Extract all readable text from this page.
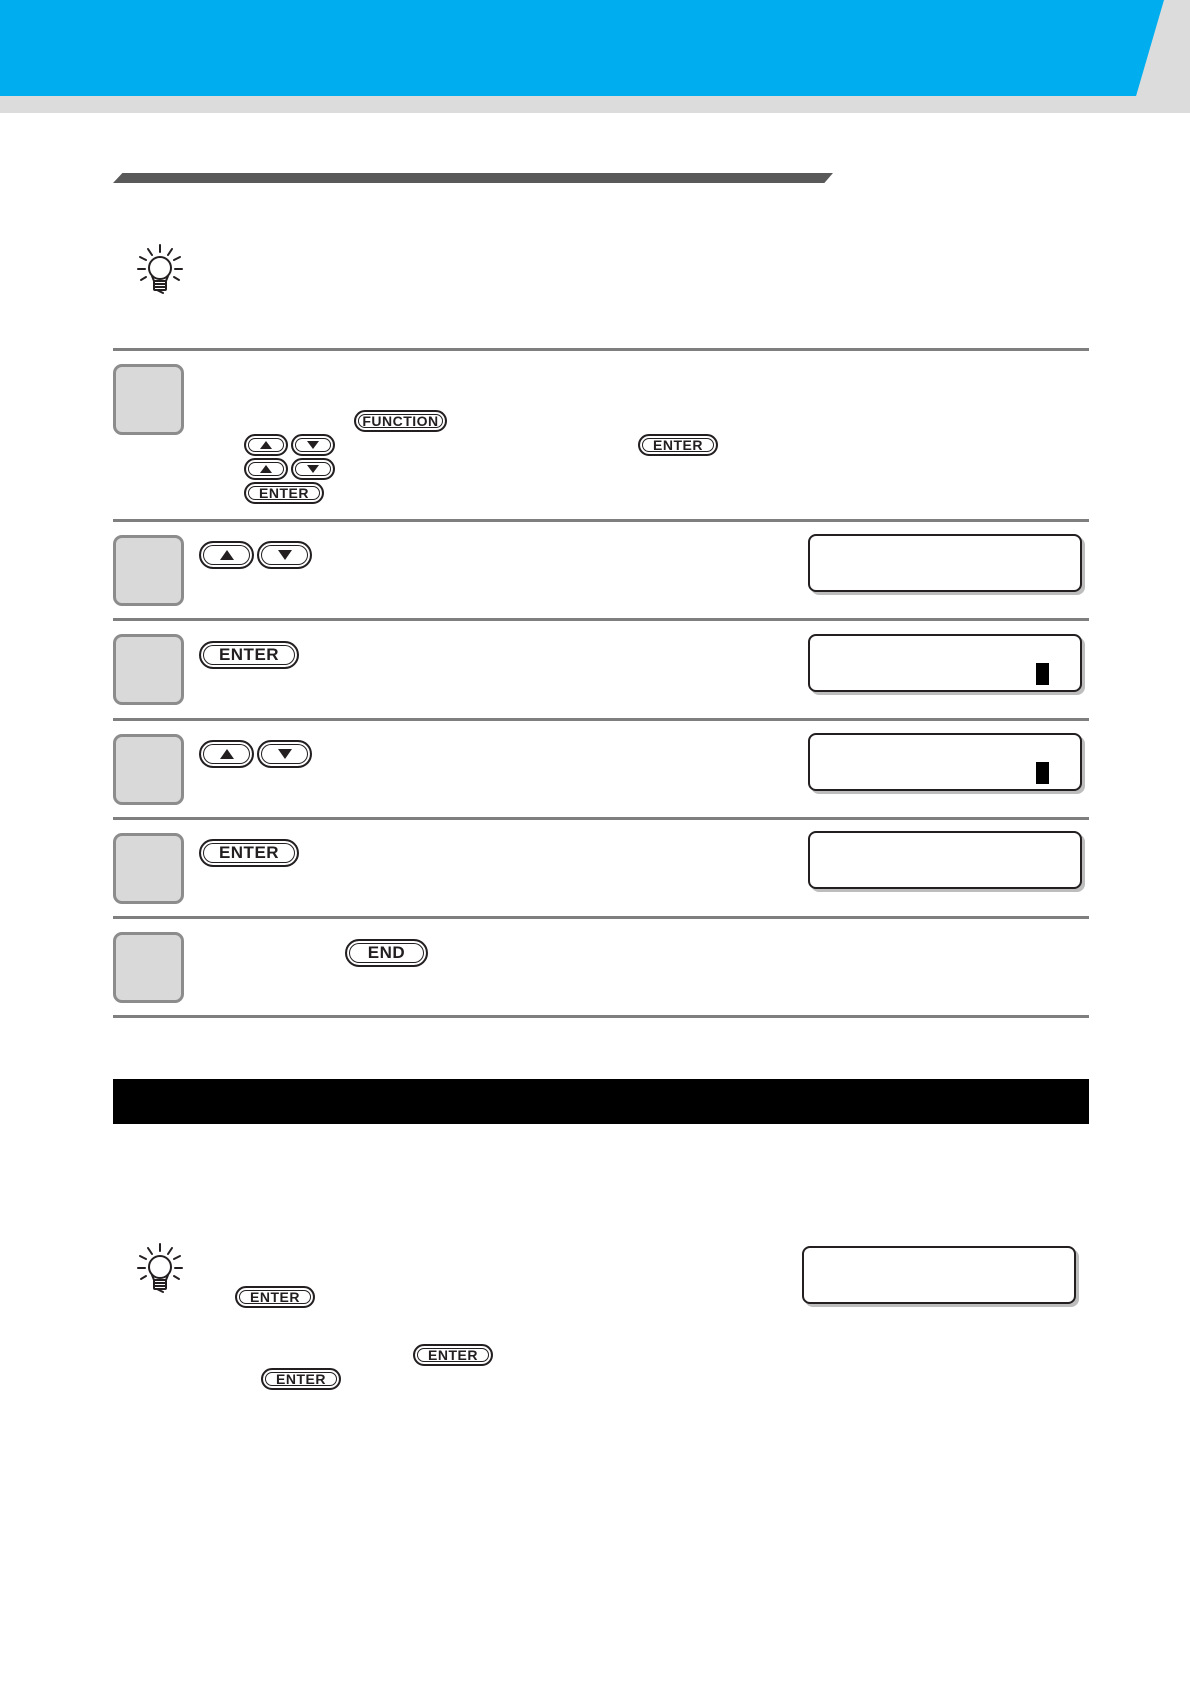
FUNCTION
ENTER
ENTER
ENTER
ENTER
END
ENTER
ENTER
ENTER
